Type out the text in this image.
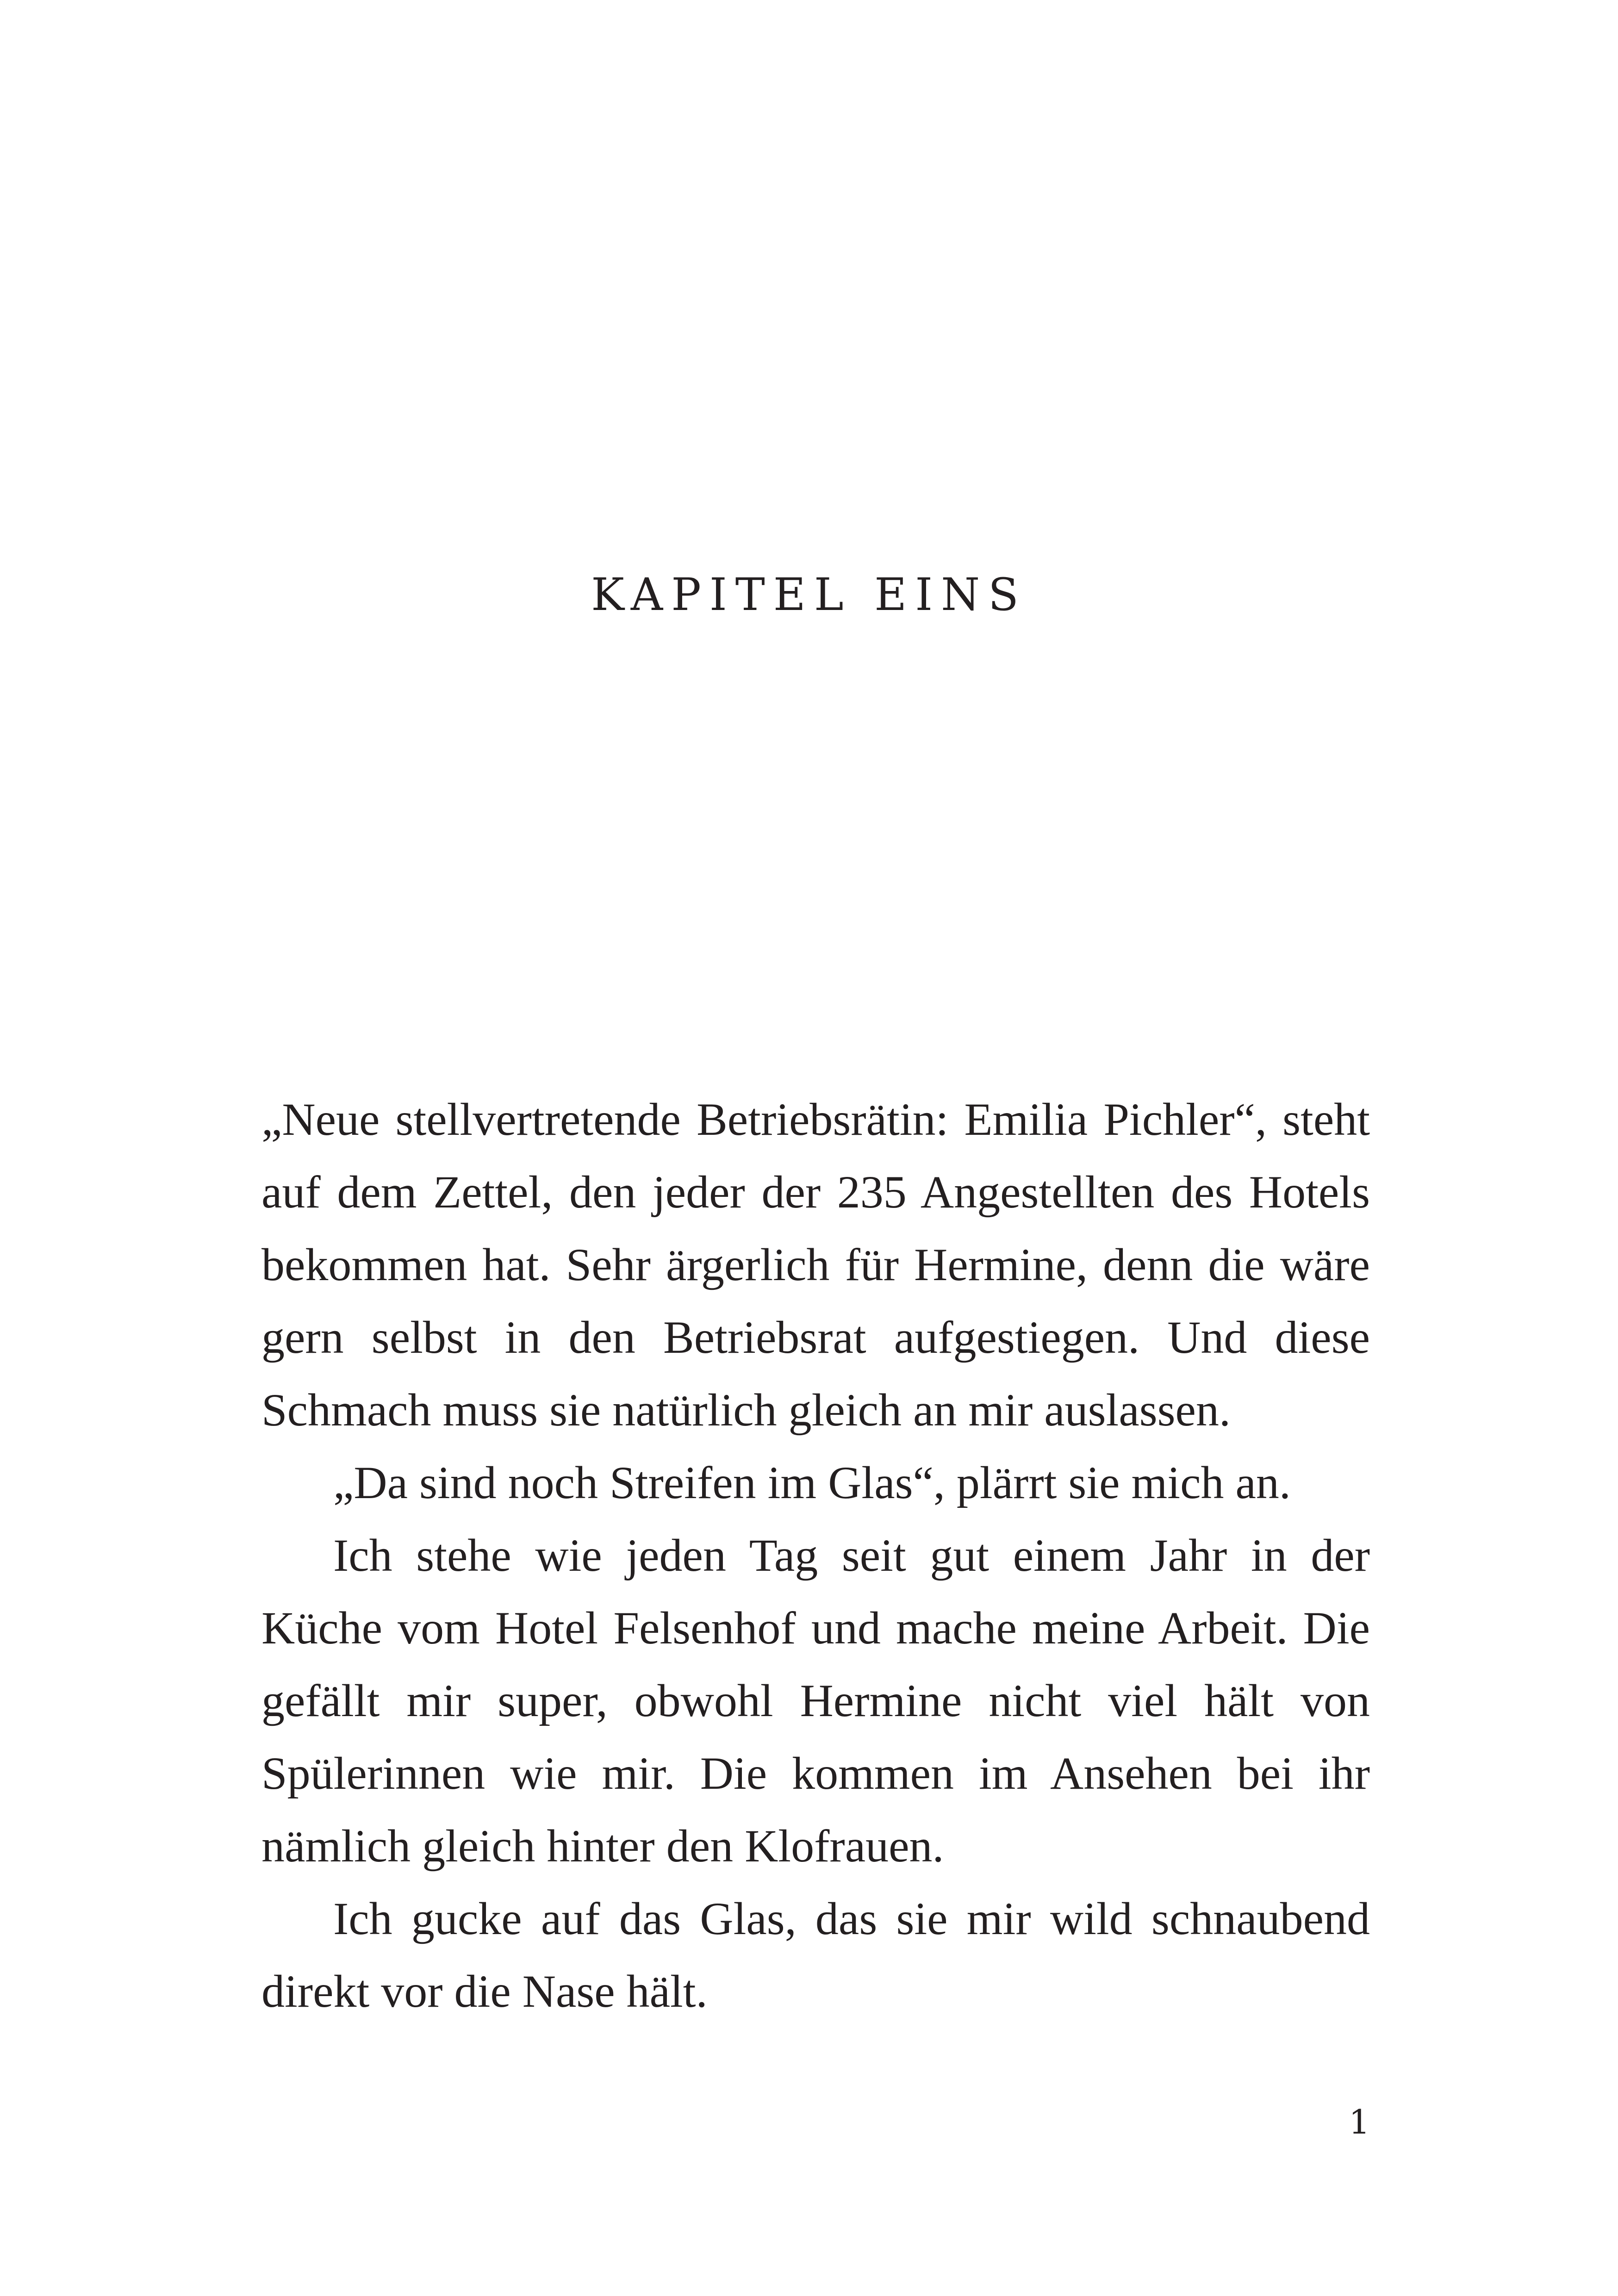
KAPITEL EINS

„Neue stellvertretende Betriebsrätin: Emilia Pichler“, steht auf dem Zettel, den jeder der 235 Angestellten des Hotels bekommen hat. Sehr ärgerlich für Hermine, denn die wäre gern selbst in den Betriebsrat aufgestiegen. Und diese Schmach muss sie natürlich gleich an mir auslassen.

„Da sind noch Streifen im Glas“, plärrt sie mich an.

Ich stehe wie jeden Tag seit gut einem Jahr in der Küche vom Hotel Felsenhof und mache meine Arbeit. Die gefällt mir super, obwohl Hermine nicht viel hält von Spülerinnen wie mir. Die kommen im Ansehen bei ihr nämlich gleich hinter den Klofrauen.

Ich gucke auf das Glas, das sie mir wild schnaubend direkt vor die Nase hält.

1
